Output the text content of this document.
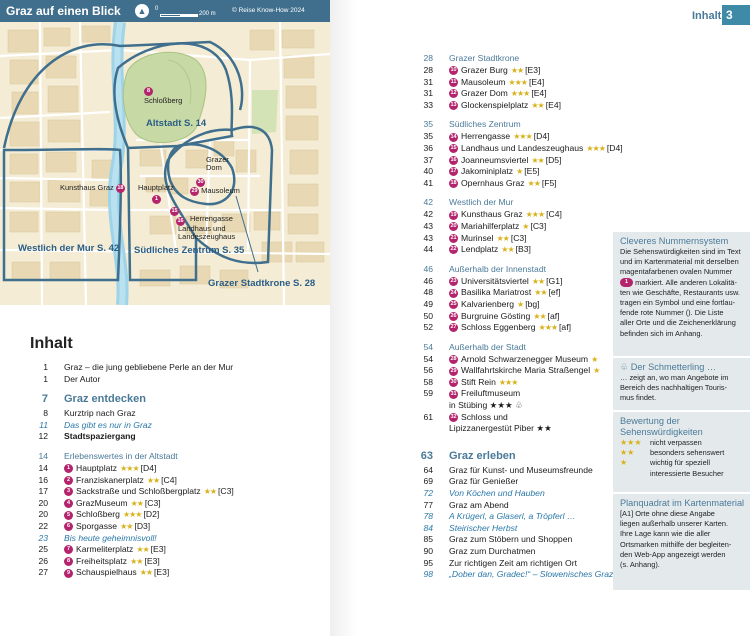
Graz auf einen Blick ▲	0
200 m	© Reise Know-How 2024
8
Schloßberg
Altstadt S. 14
Kunsthaus Graz 18 Hauptplatz
1
Grazer Dom
30
29 Mausoleum
15
16 Herrengasse
Landhaus und Landeszeughaus
Westlich der Mur S. 42 Südliches Zentrum S. 35
Grazer Stadtkrone S. 28
Inhalt
1 Graz – die jung gebliebene Perle an der Mur
1 Der Autor
7 Graz entdecken
8 Kurztrip nach Graz
11 Das gibt es nur in Graz
12 Stadtspaziergang
14 Erlebenswertes in der Altstadt
14	1 Hauptplatz ★★★ [D4]
16	2 Franziskanerplatz ★★ [C4]
17	3 Sackstraße und Schloßbergplatz ★★ [C3]
20	4 GrazMuseum ★★ [C3]
20	5 Schloßberg ★★★ [D2]
22	6 Sporgasse ★★ [D3]
23 Bis heute geheimnisvoll!
25	7 Karmeliterplatz ★★ [E3]
26	8 Freiheitsplatz ★★ [E3]
27	9 Schauspielhaus ★★ [E3]
Inhalt 3
28 Grazer Stadtkrone
28	10 Grazer Burg ★★ [E3]
31	11 Mausoleum ★★★ [E4]
31	12 Grazer Dom ★★★ [E4]
33	13 Glockenspielplatz ★★ [E4]
35 Südliches Zentrum
35	14 Herrengasse ★★★ [D4]
36	15 Landhaus und Landeszeughaus ★★★ [D4]
37	16 Joanneumsviertel ★★ [D5]
40	17 Jakominiplatz ★ [E5]
41	18 Opernhaus Graz ★★ [F5]
42 Westlich der Mur
42	19 Kunsthaus Graz ★★★ [C4]
43	20 Mariahilferplatz ★ [C3]
43	21 Murinsel ★★ [C3]
44	22 Lendplatz ★★ [B3]
46 Außerhalb der Innenstadt
46	23 Universitätsviertel ★★ [G1]
48	24 Basilika Mariatrost ★★ [ef]
49	25 Kalvarienberg ★ [bg]
50	26 Burgruine Gösting ★★ [af]
52	27 Schloss Eggenberg ★★★ [af]
54 Außerhalb der Stadt
54	28 Arnold Schwarzenegger Museum ★
56	29 Wallfahrtskirche Maria Straßengel ★
58	30 Stift Rein ★★★
59	31 Freiluftmuseum
in Stübing ★★★ ♧
61	32 Schloss und
Lipizzanergestüt Piber ★★
63 Graz erleben
64 Graz für Kunst- und Museumsfreunde
69 Graz für Genießer
72 Von Köchen und Hauben
77 Graz am Abend
78 A Krügerl, a Glaserl, a Tröpferl …
84 Steirischer Herbst
85 Graz zum Stöbern und Shoppen
90 Graz zum Durchatmen
95 Zur richtigen Zeit am richtigen Ort
98 „Dober dan, Gradec!“ – Slowenisches Graz
Cleveres Nummernsystem
Die Sehenswürdigkeiten sind im Text
und im Kartenmaterial mit derselben
magentafarbenen ovalen Nummer
1 markiert. Alle anderen Lokalitä-
ten wie Geschäfte, Restaurants usw.
tragen ein Symbol und eine fortlau-
fende rote Nummer (). Die Liste
aller Orte und die Zeichenerklärung
befinden sich im Anhang.
♧ Der Schmetterling …
… zeigt an, wo man Angebote im
Bereich des nachhaltigen Touris-
mus findet.
Bewertung der
Sehenswürdigkeiten
★★★ nicht verpassen
★★ besonders sehenswert
★	wichtig für speziell
interessierte Besucher
Planquadrat im Kartenmaterial
[A1] Orte ohne diese Angabe
liegen außerhalb unserer Karten.
Ihre Lage kann wie die aller
Ortsmarken mithilfe der begleiten-
den Web-App angezeigt werden
(s. Anhang).
